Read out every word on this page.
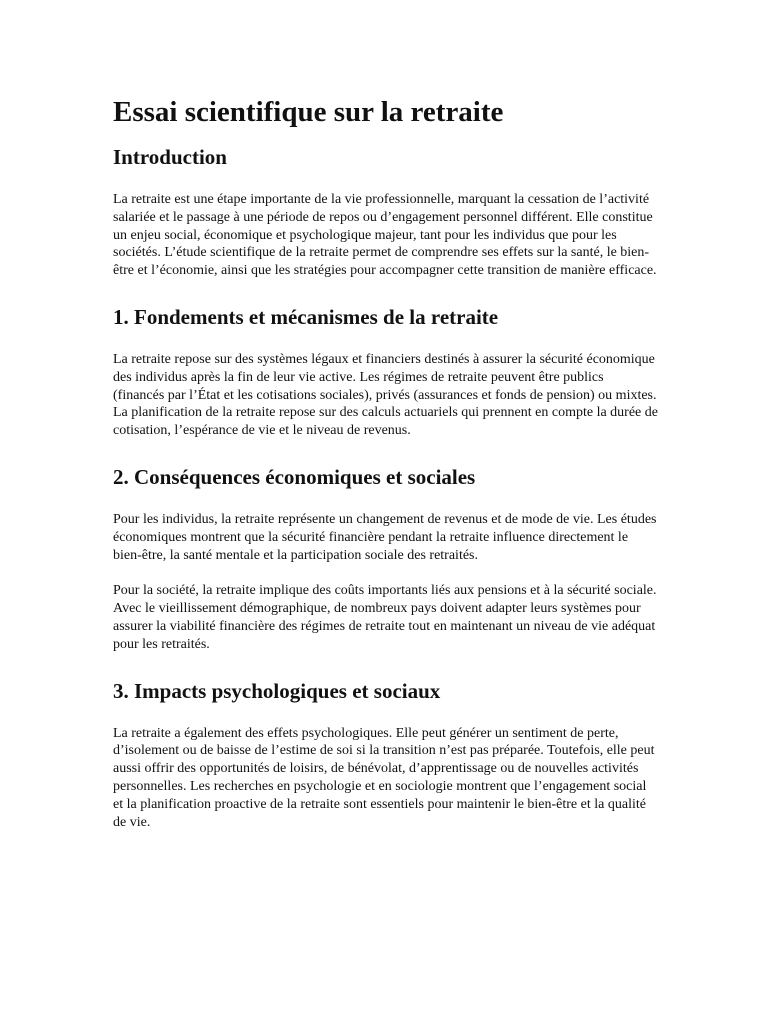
Essai scientifique sur la retraite
Introduction

La retraite est une étape importante de la vie professionnelle, marquant la cessation de l’activité salariée et le passage à une période de repos ou d’engagement personnel différent. Elle constitue un enjeu social, économique et psychologique majeur, tant pour les individus que pour les sociétés. L’étude scientifique de la retraite permet de comprendre ses effets sur la santé, le bien-être et l’économie, ainsi que les stratégies pour accompagner cette transition de manière efficace.

1. Fondements et mécanismes de la retraite

La retraite repose sur des systèmes légaux et financiers destinés à assurer la sécurité économique des individus après la fin de leur vie active. Les régimes de retraite peuvent être publics (financés par l’État et les cotisations sociales), privés (assurances et fonds de pension) ou mixtes. La planification de la retraite repose sur des calculs actuariels qui prennent en compte la durée de cotisation, l’espérance de vie et le niveau de revenus.

2. Conséquences économiques et sociales

Pour les individus, la retraite représente un changement de revenus et de mode de vie. Les études économiques montrent que la sécurité financière pendant la retraite influence directement le bien-être, la santé mentale et la participation sociale des retraités.

Pour la société, la retraite implique des coûts importants liés aux pensions et à la sécurité sociale. Avec le vieillissement démographique, de nombreux pays doivent adapter leurs systèmes pour assurer la viabilité financière des régimes de retraite tout en maintenant un niveau de vie adéquat pour les retraités.

3. Impacts psychologiques et sociaux

La retraite a également des effets psychologiques. Elle peut générer un sentiment de perte, d’isolement ou de baisse de l’estime de soi si la transition n’est pas préparée. Toutefois, elle peut aussi offrir des opportunités de loisirs, de bénévolat, d’apprentissage ou de nouvelles activités personnelles. Les recherches en psychologie et en sociologie montrent que l’engagement social et la planification proactive de la retraite sont essentiels pour maintenir le bien-être et la qualité de vie.
